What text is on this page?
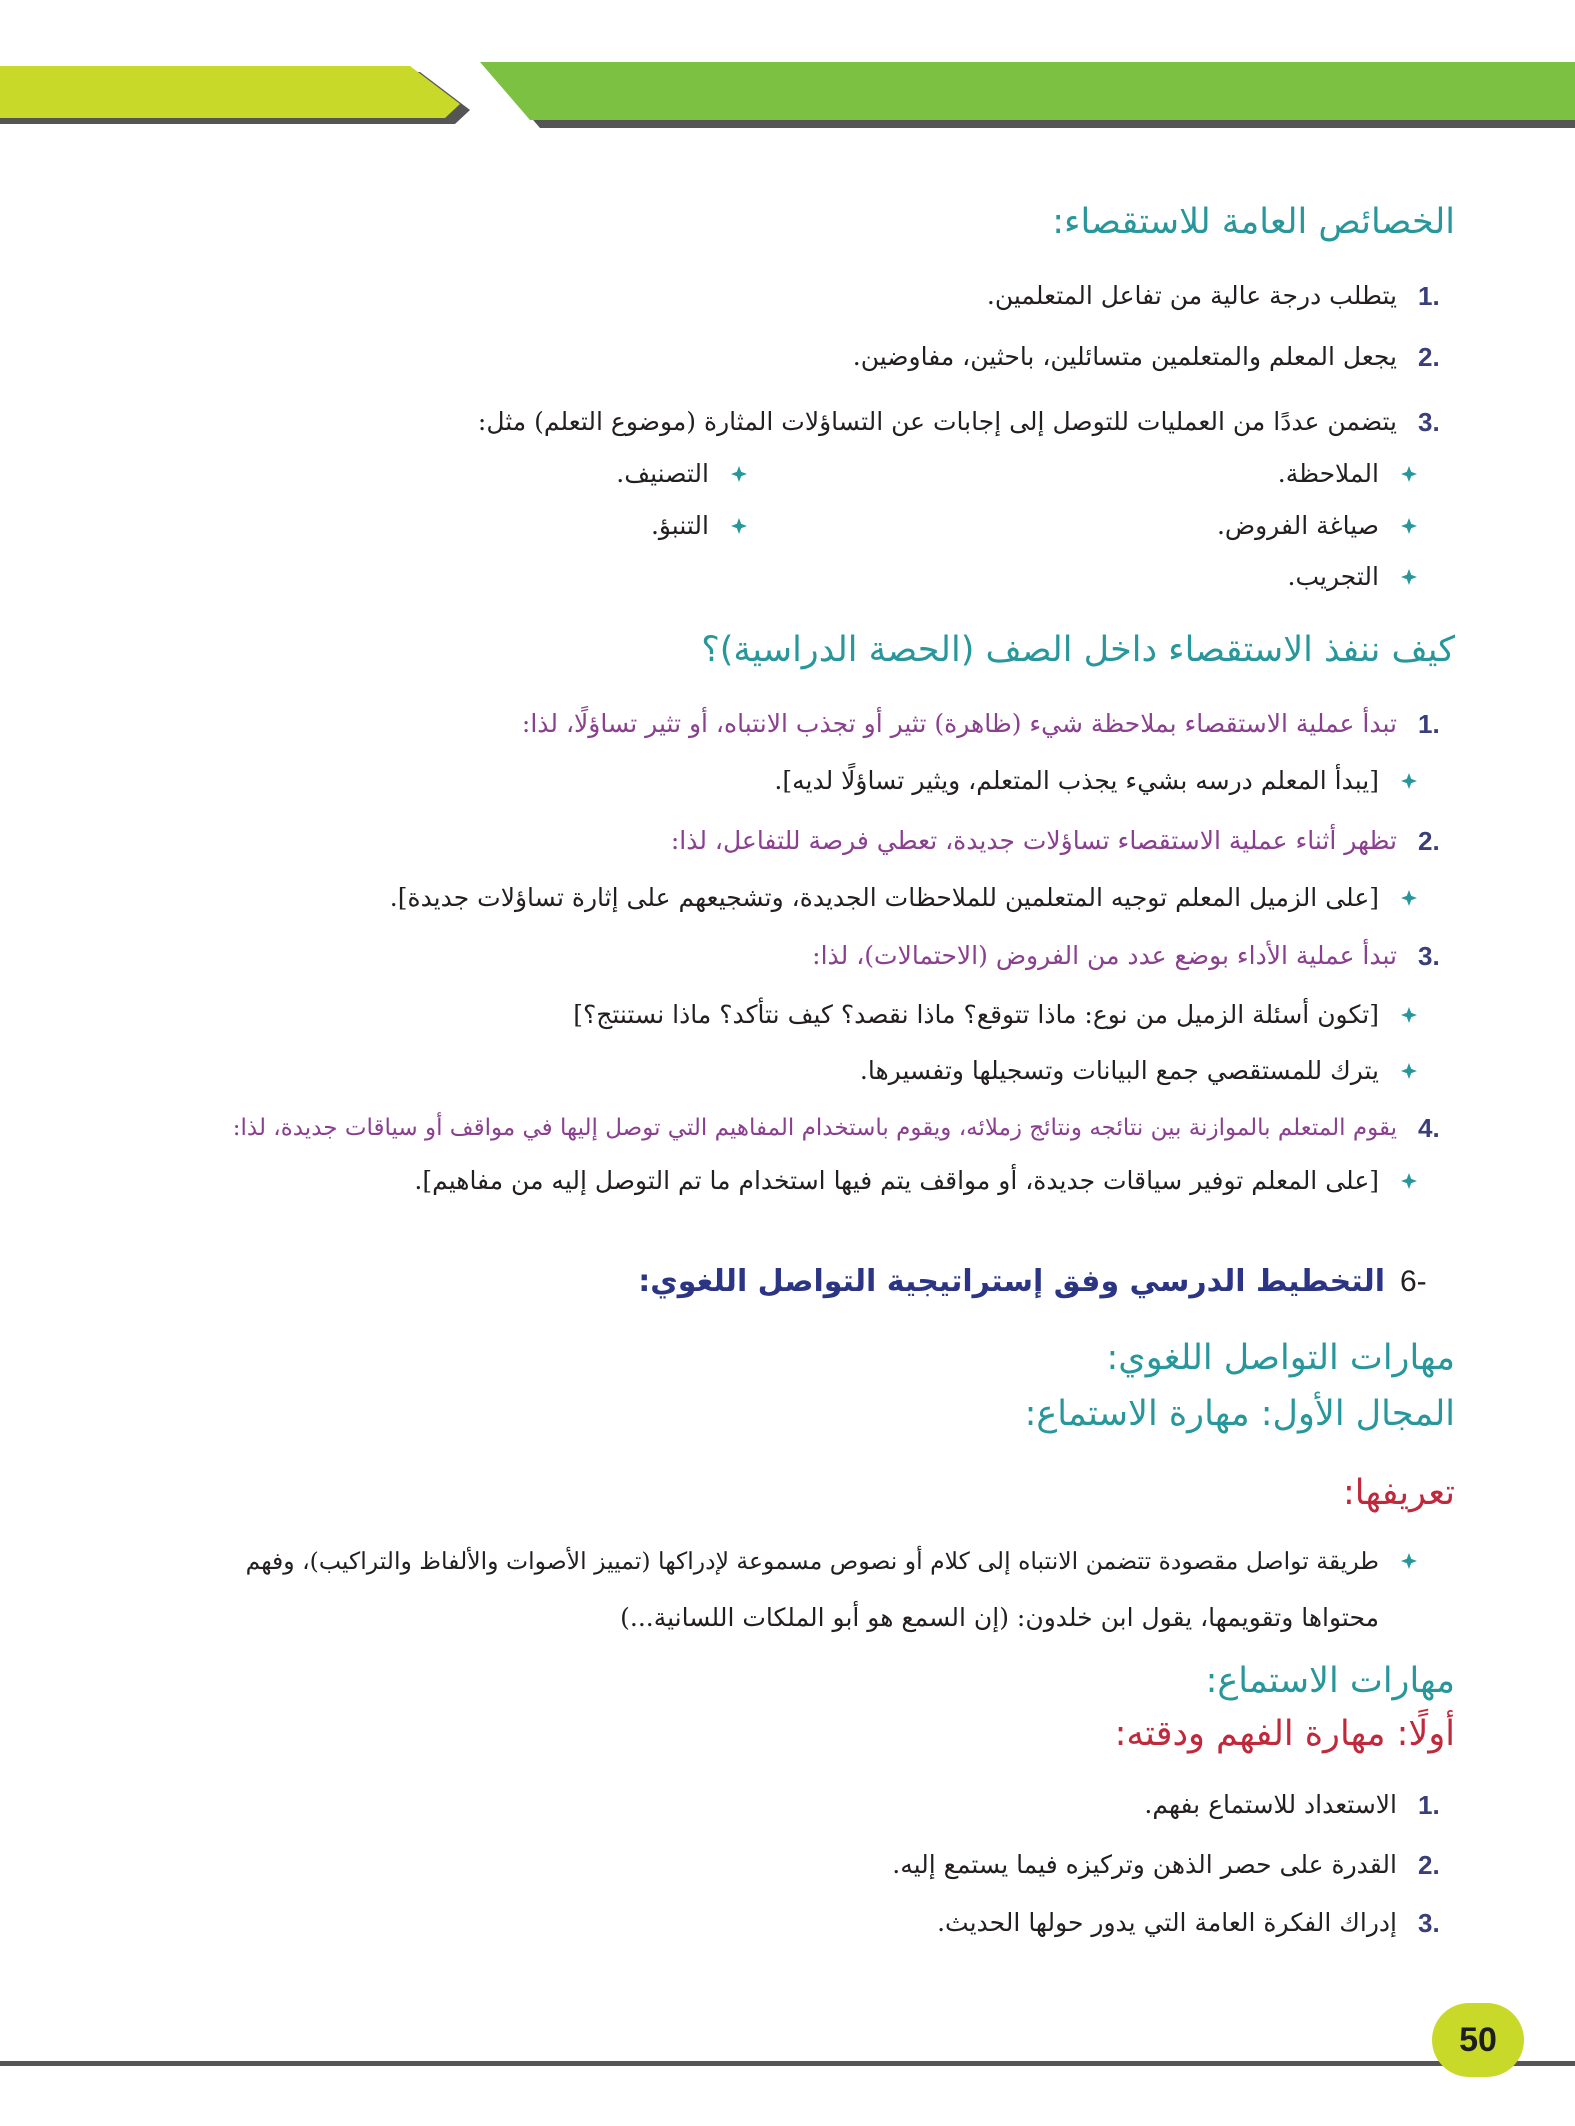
الخصائص العامة للاستقصاء:
1.
يتطلب درجة عالية من تفاعل المتعلمين.
2.
يجعل المعلم والمتعلمين متسائلين، باحثين، مفاوضين.
3.
يتضمن عددًا من العمليات للتوصل إلى إجابات عن التساؤلات المثارة (موضوع التعلم) مثل:
الملاحظة.
صياغة الفروض.
التجريب.
التصنيف.
التنبؤ.
كيف ننفذ الاستقصاء داخل الصف (الحصة الدراسية)؟
1.
تبدأ عملية الاستقصاء بملاحظة شيء (ظاهرة) تثير أو تجذب الانتباه، أو تثير تساؤلًا، لذا:
[يبدأ المعلم درسه بشيء يجذب المتعلم، ويثير تساؤلًا لديه].
2.
تظهر أثناء عملية الاستقصاء تساؤلات جديدة، تعطي فرصة للتفاعل، لذا:
[على الزميل المعلم توجيه المتعلمين للملاحظات الجديدة، وتشجيعهم على إثارة تساؤلات جديدة].
3.
تبدأ عملية الأداء بوضع عدد من الفروض (الاحتمالات)، لذا:
[تكون أسئلة الزميل من نوع: ماذا تتوقع؟ ماذا نقصد؟ كيف نتأكد؟ ماذا نستنتج؟]
يترك للمستقصي جمع البيانات وتسجيلها وتفسيرها.
4.
يقوم المتعلم بالموازنة بين نتائجه ونتائج زملائه، ويقوم باستخدام المفاهيم التي توصل إليها في مواقف أو سياقات جديدة، لذا:
[على المعلم توفير سياقات جديدة، أو مواقف يتم فيها استخدام ما تم التوصل إليه من مفاهيم].
6-
التخطيط الدرسي وفق إستراتيجية التواصل اللغوي:
مهارات التواصل اللغوي:
المجال الأول: مهارة الاستماع:
تعريفها:
طريقة تواصل مقصودة تتضمن الانتباه إلى كلام أو نصوص مسموعة لإدراكها (تمييز الأصوات والألفاظ والتراكيب)، وفهم
محتواها وتقويمها، يقول ابن خلدون: (إن السمع هو أبو الملكات اللسانية...)
مهارات الاستماع:
أولًا: مهارة الفهم ودقته:
1.
الاستعداد للاستماع بفهم.
2.
القدرة على حصر الذهن وتركيزه فيما يستمع إليه.
3.
إدراك الفكرة العامة التي يدور حولها الحديث.
50
